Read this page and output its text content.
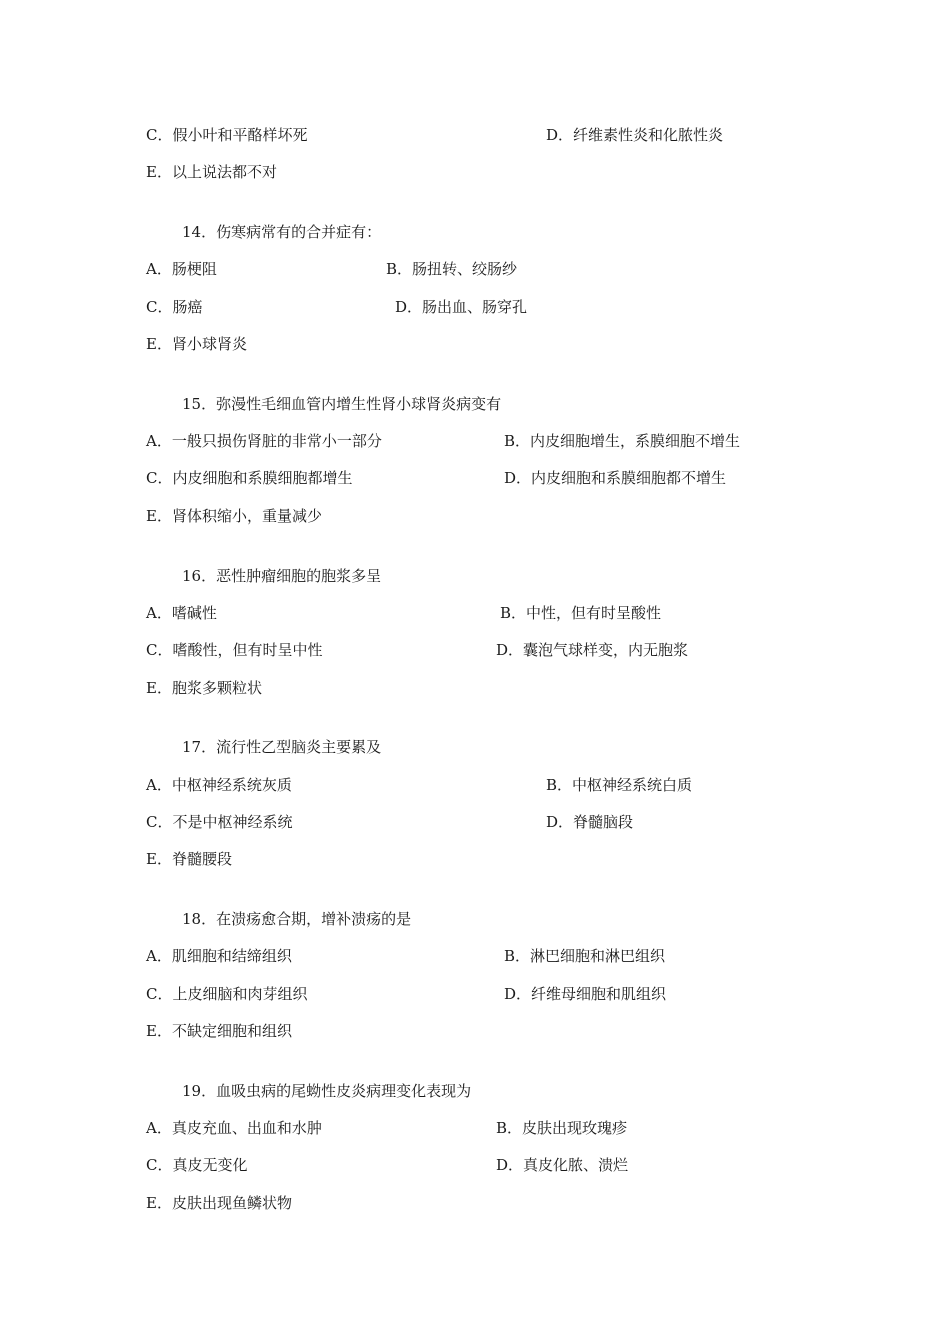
C．假小叶和平酪样坏死	D．纤维素性炎和化脓性炎
E．以上说法都不对
14．伤寒病常有的合并症有：
A．肠梗阻	B．肠扭转、绞肠纱
C．肠癌	D．肠出血、肠穿孔
E．肾小球肾炎
15．弥漫性毛细血管内增生性肾小球肾炎病变有
A．一般只损伤肾脏的非常小一部分	B．内皮细胞增生，系膜细胞不增生
C．内皮细胞和系膜细胞都增生	D．内皮细胞和系膜细胞都不增生
E．肾体积缩小，重量减少
16．恶性肿瘤细胞的胞浆多呈
A．嗜碱性	B．中性，但有时呈酸性
C．嗜酸性，但有时呈中性	D．囊泡气球样变，内无胞浆
E．胞浆多颗粒状
17．流行性乙型脑炎主要累及
A．中枢神经系统灰质	B．中枢神经系统白质
C．不是中枢神经系统	D．脊髓脑段
E．脊髓腰段
18．在溃疡愈合期，增补溃疡的是
A．肌细胞和结缔组织	B．淋巴细胞和淋巴组织
C．上皮细脑和肉芽组织	D．纤维母细胞和肌组织
E．不缺定细胞和组织
19．血吸虫病的尾蚴性皮炎病理变化表现为
A．真皮充血、出血和水肿	B．皮肤出现玫瑰疹
C．真皮无变化	D．真皮化脓、溃烂
E．皮肤出现鱼鳞状物
